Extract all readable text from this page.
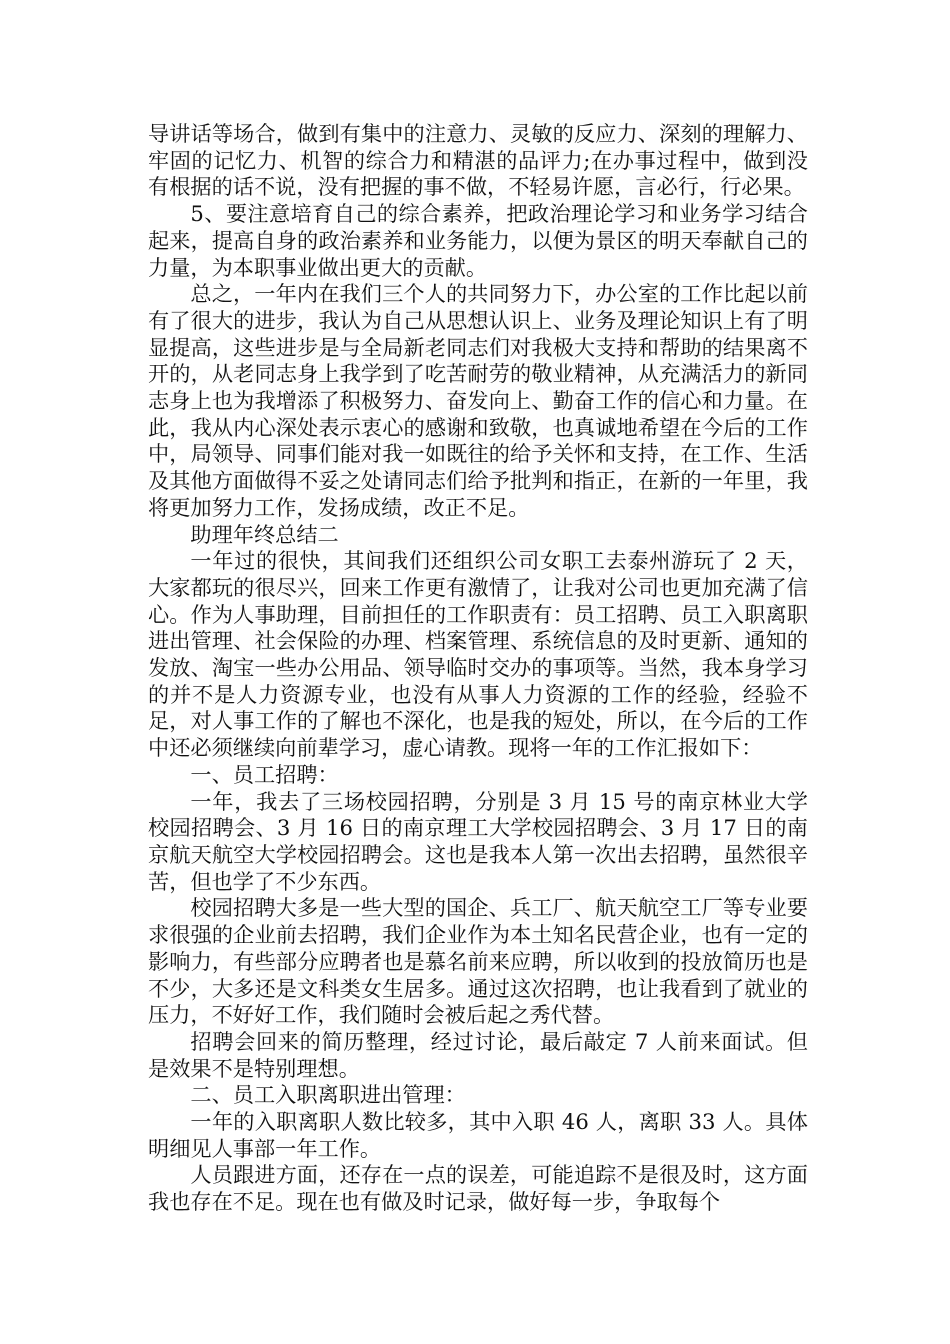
导讲话等场合，做到有集中的注意力、灵敏的反应力、深刻的理解力、牢固的记忆力、机智的综合力和精湛的品评力;在办事过程中，做到没有根据的话不说，没有把握的事不做，不轻易许愿，言必行，行必果。

5、要注意培育自己的综合素养，把政治理论学习和业务学习结合起来，提高自身的政治素养和业务能力，以便为景区的明天奉献自己的力量，为本职事业做出更大的贡献。

总之，一年内在我们三个人的共同努力下，办公室的工作比起以前有了很大的进步，我认为自己从思想认识上、业务及理论知识上有了明显提高，这些进步是与全局新老同志们对我极大支持和帮助的结果离不开的，从老同志身上我学到了吃苦耐劳的敬业精神，从充满活力的新同志身上也为我增添了积极努力、奋发向上、勤奋工作的信心和力量。在此，我从内心深处表示衷心的感谢和致敬，也真诚地希望在今后的工作中，局领导、同事们能对我一如既往的给予关怀和支持，在工作、生活及其他方面做得不妥之处请同志们给予批判和指正，在新的一年里，我将更加努力工作，发扬成绩，改正不足。

助理年终总结二

一年过的很快，其间我们还组织公司女职工去泰州游玩了 2 天，大家都玩的很尽兴，回来工作更有激情了，让我对公司也更加充满了信心。作为人事助理，目前担任的工作职责有：员工招聘、员工入职离职进出管理、社会保险的办理、档案管理、系统信息的及时更新、通知的发放、淘宝一些办公用品、领导临时交办的事项等。当然，我本身学习的并不是人力资源专业，也没有从事人力资源的工作的经验，经验不足，对人事工作的了解也不深化，也是我的短处，所以，在今后的工作中还必须继续向前辈学习，虚心请教。现将一年的工作汇报如下：

一、员工招聘：

一年，我去了三场校园招聘，分别是 3 月 15 号的南京林业大学校园招聘会、3 月 16 日的南京理工大学校园招聘会、3 月 17 日的南京航天航空大学校园招聘会。这也是我本人第一次出去招聘，虽然很辛苦，但也学了不少东西。

校园招聘大多是一些大型的国企、兵工厂、航天航空工厂等专业要求很强的企业前去招聘，我们企业作为本土知名民营企业，也有一定的影响力，有些部分应聘者也是慕名前来应聘，所以收到的投放简历也是不少，大多还是文科类女生居多。通过这次招聘，也让我看到了就业的压力，不好好工作，我们随时会被后起之秀代替。

招聘会回来的简历整理，经过讨论，最后敲定 7 人前来面试。但是效果不是特别理想。

二、员工入职离职进出管理：

一年的入职离职人数比较多，其中入职 46 人，离职 33 人。具体明细见人事部一年工作。

人员跟进方面，还存在一点的误差，可能追踪不是很及时，这方面我也存在不足。现在也有做及时记录，做好每一步，争取每个
